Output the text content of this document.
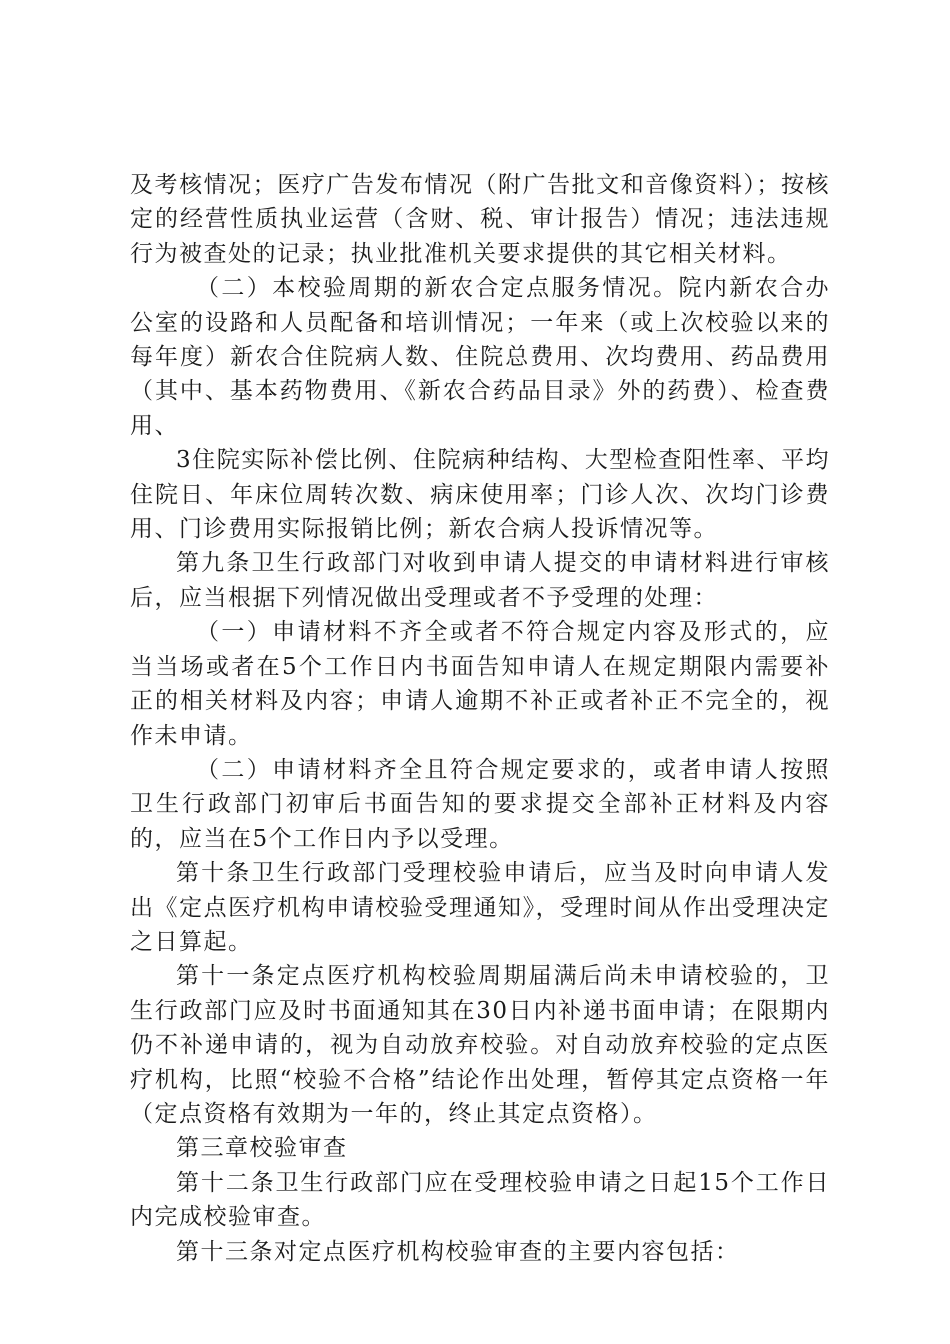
及考核情况；医疗广告发布情况（附广告批文和音像资料）；按核定的经营性质执业运营（含财、税、审计报告）情况；违法违规行为被查处的记录；执业批准机关要求提供的其它相关材料。

（二）本校验周期的新农合定点服务情况。院内新农合办公室的设路和人员配备和培训情况；一年来（或上次校验以来的每年度）新农合住院病人数、住院总费用、次均费用、药品费用（其中、基本药物费用、《新农合药品目录》外的药费）、检查费用、

3住院实际补偿比例、住院病种结构、大型检查阳性率、平均住院日、年床位周转次数、病床使用率；门诊人次、次均门诊费用、门诊费用实际报销比例；新农合病人投诉情况等。

第九条卫生行政部门对收到申请人提交的申请材料进行审核后，应当根据下列情况做出受理或者不予受理的处理：

（一）申请材料不齐全或者不符合规定内容及形式的，应当当场或者在5个工作日内书面告知申请人在规定期限内需要补正的相关材料及内容；申请人逾期不补正或者补正不完全的，视作未申请。

（二）申请材料齐全且符合规定要求的，或者申请人按照卫生行政部门初审后书面告知的要求提交全部补正材料及内容的，应当在5个工作日内予以受理。

第十条卫生行政部门受理校验申请后，应当及时向申请人发出《定点医疗机构申请校验受理通知》，受理时间从作出受理决定之日算起。

第十一条定点医疗机构校验周期届满后尚未申请校验的，卫生行政部门应及时书面通知其在30日内补递书面申请；在限期内仍不补递申请的，视为自动放弃校验。对自动放弃校验的定点医疗机构，比照“校验不合格”结论作出处理，暂停其定点资格一年（定点资格有效期为一年的，终止其定点资格）。

第三章校验审查

第十二条卫生行政部门应在受理校验申请之日起15个工作日内完成校验审查。

第十三条对定点医疗机构校验审查的主要内容包括：
